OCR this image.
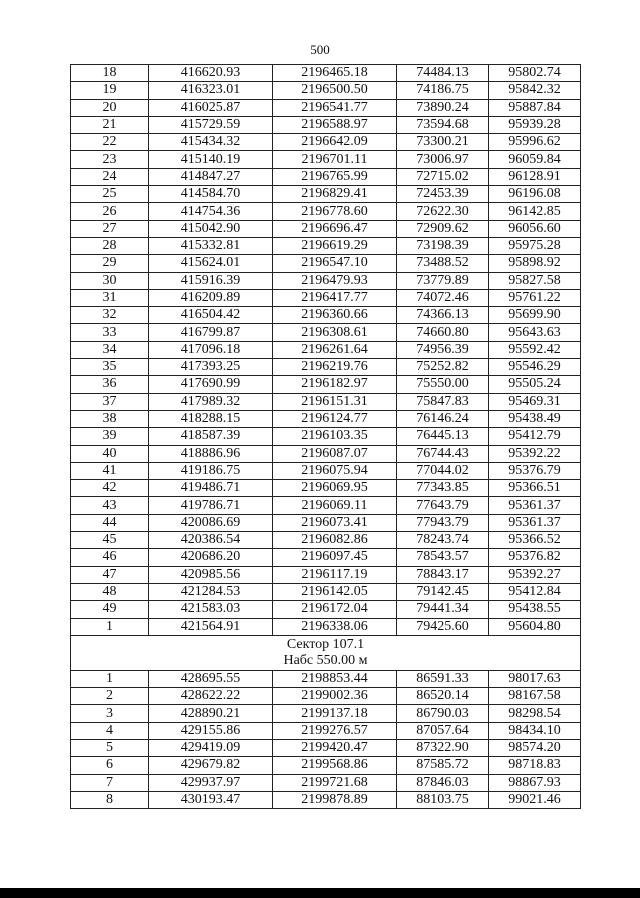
500
18	416620.93	2196465.18	74484.13	95802.74
19	416323.01	2196500.50	74186.75	95842.32
20	416025.87	2196541.77	73890.24	95887.84
21	415729.59	2196588.97	73594.68	95939.28
22	415434.32	2196642.09	73300.21	95996.62
23	415140.19	2196701.11	73006.97	96059.84
24	414847.27	2196765.99	72715.02	96128.91
25	414584.70	2196829.41	72453.39	96196.08
26	414754.36	2196778.60	72622.30	96142.85
27	415042.90	2196696.47	72909.62	96056.60
28	415332.81	2196619.29	73198.39	95975.28
29	415624.01	2196547.10	73488.52	95898.92
30	415916.39	2196479.93	73779.89	95827.58
31	416209.89	2196417.77	74072.46	95761.22
32	416504.42	2196360.66	74366.13	95699.90
33	416799.87	2196308.61	74660.80	95643.63
34	417096.18	2196261.64	74956.39	95592.42
35	417393.25	2196219.76	75252.82	95546.29
36	417690.99	2196182.97	75550.00	95505.24
37	417989.32	2196151.31	75847.83	95469.31
38	418288.15	2196124.77	76146.24	95438.49
39	418587.39	2196103.35	76445.13	95412.79
40	418886.96	2196087.07	76744.43	95392.22
41	419186.75	2196075.94	77044.02	95376.79
42	419486.71	2196069.95	77343.85	95366.51
43	419786.71	2196069.11	77643.79	95361.37
44	420086.69	2196073.41	77943.79	95361.37
45	420386.54	2196082.86	78243.74	95366.52
46	420686.20	2196097.45	78543.57	95376.82
47	420985.56	2196117.19	78843.17	95392.27
48	421284.53	2196142.05	79142.45	95412.84
49	421583.03	2196172.04	79441.34	95438.55
1	421564.91	2196338.06	79425.60	95604.80

Сектор 107.1
Набс 550.00 м				

1	428695.55	2198853.44	86591.33	98017.63
2	428622.22	2199002.36	86520.14	98167.58
3	428890.21	2199137.18	86790.03	98298.54
4	429155.86	2199276.57	87057.64	98434.10
5	429419.09	2199420.47	87322.90	98574.20
6	429679.82	2199568.86	87585.72	98718.83
7	429937.97	2199721.68	87846.03	98867.93
8	430193.47	2199878.89	88103.75	99021.46
